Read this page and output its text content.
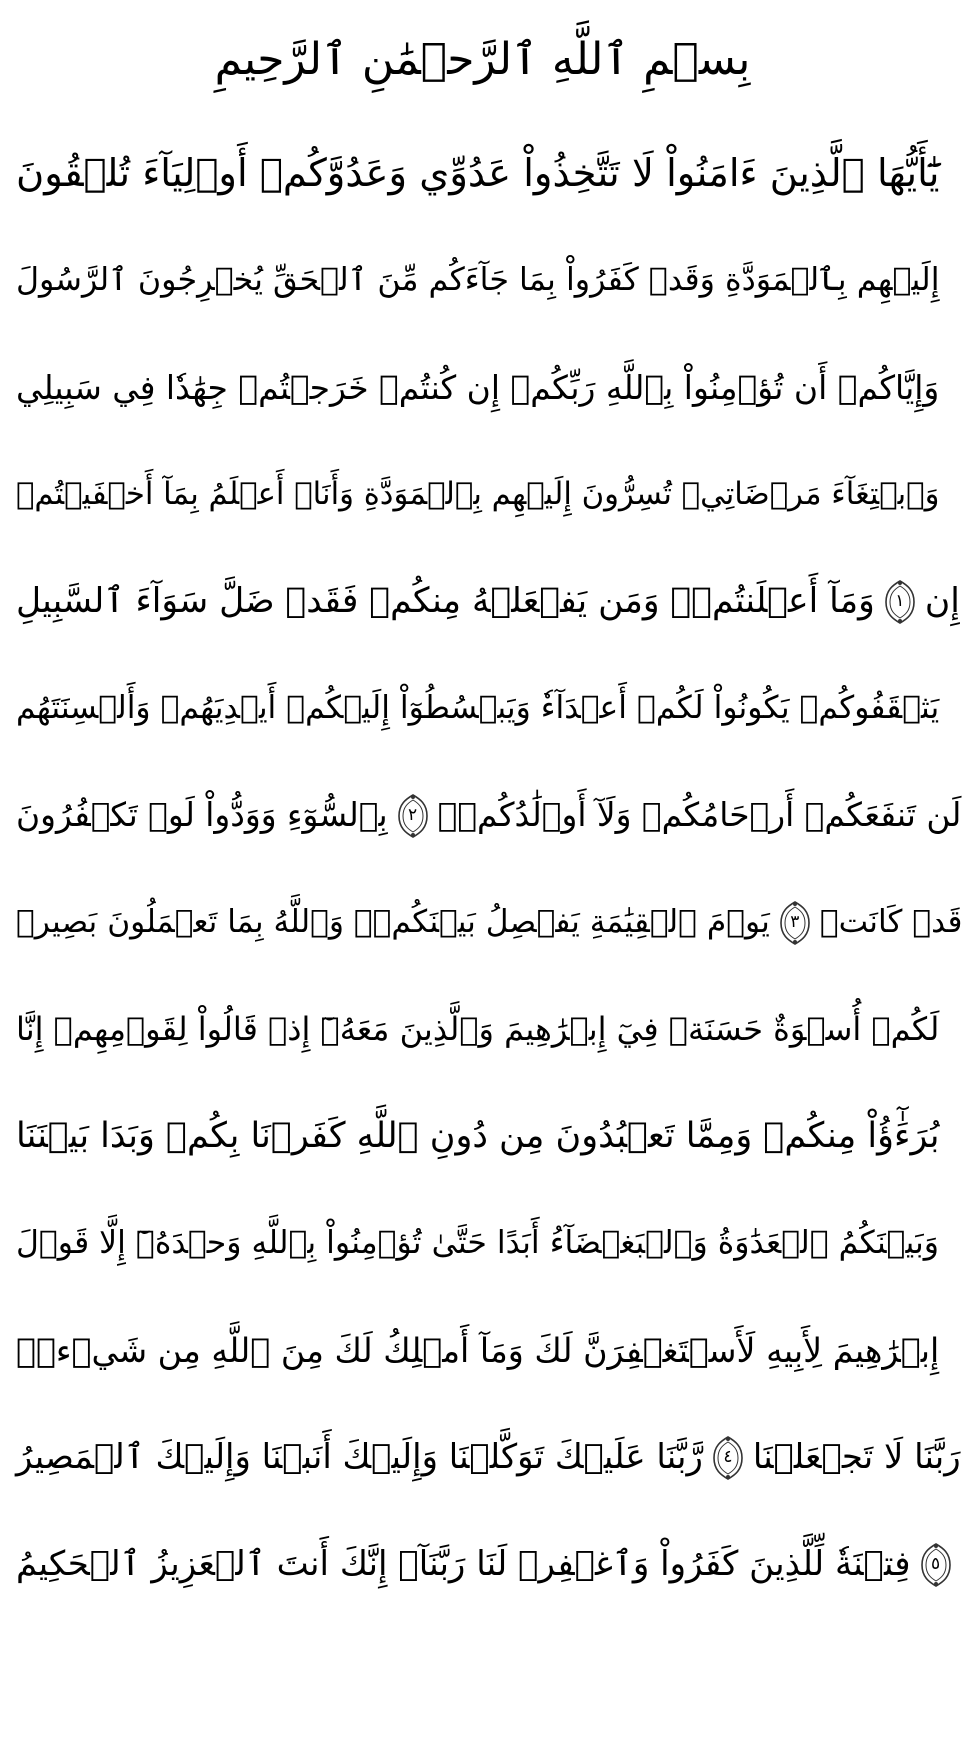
بِسۡمِ ٱللَّهِ ٱلرَّحۡمَٰنِ ٱلرَّحِيمِ
يَٰٓأَيُّهَا ٱلَّذِينَ ءَامَنُواْ لَا تَتَّخِذُواْ عَدُوِّي وَعَدُوَّكُمۡ أَوۡلِيَآءَ تُلۡقُونَ
إِلَيۡهِم بِٱلۡمَوَدَّةِ وَقَدۡ كَفَرُواْ بِمَا جَآءَكُم مِّنَ ٱلۡحَقِّ يُخۡرِجُونَ ٱلرَّسُولَ
وَإِيَّاكُمۡ أَن تُؤۡمِنُواْ بِٱللَّهِ رَبِّكُمۡ إِن كُنتُمۡ خَرَجۡتُمۡ جِهَٰدٗا فِي سَبِيلِي
وَٱبۡتِغَآءَ مَرۡضَاتِيۚ تُسِرُّونَ إِلَيۡهِم بِٱلۡمَوَدَّةِ وَأَنَا۠ أَعۡلَمُ بِمَآ أَخۡفَيۡتُمۡ
وَمَآ أَعۡلَنتُمۡۚ وَمَن يَفۡعَلۡهُ مِنكُمۡ فَقَدۡ ضَلَّ سَوَآءَ ٱلسَّبِيلِ ١ إِن
يَثۡقَفُوكُمۡ يَكُونُواْ لَكُمۡ أَعۡدَآءٗ وَيَبۡسُطُوٓاْ إِلَيۡكُمۡ أَيۡدِيَهُمۡ وَأَلۡسِنَتَهُم
بِٱلسُّوٓءِ وَوَدُّواْ لَوۡ تَكۡفُرُونَ ٢ لَن تَنفَعَكُمۡ أَرۡحَامُكُمۡ وَلَآ أَوۡلَٰدُكُمۡۚ
يَوۡمَ ٱلۡقِيَٰمَةِ يَفۡصِلُ بَيۡنَكُمۡۚ وَٱللَّهُ بِمَا تَعۡمَلُونَ بَصِيرٞ ٣ قَدۡ كَانَتۡ
لَكُمۡ أُسۡوَةٌ حَسَنَةٞ فِيٓ إِبۡرَٰهِيمَ وَٱلَّذِينَ مَعَهُۥٓ إِذۡ قَالُواْ لِقَوۡمِهِمۡ إِنَّا
بُرَءَٰٓؤُاْ مِنكُمۡ وَمِمَّا تَعۡبُدُونَ مِن دُونِ ٱللَّهِ كَفَرۡنَا بِكُمۡ وَبَدَا بَيۡنَنَا
وَبَيۡنَكُمُ ٱلۡعَدَٰوَةُ وَٱلۡبَغۡضَآءُ أَبَدًا حَتَّىٰ تُؤۡمِنُواْ بِٱللَّهِ وَحۡدَهُۥٓ إِلَّا قَوۡلَ
إِبۡرَٰهِيمَ لِأَبِيهِ لَأَسۡتَغۡفِرَنَّ لَكَ وَمَآ أَمۡلِكُ لَكَ مِنَ ٱللَّهِ مِن شَيۡءٖۖ
رَّبَّنَا عَلَيۡكَ تَوَكَّلۡنَا وَإِلَيۡكَ أَنَبۡنَا وَإِلَيۡكَ ٱلۡمَصِيرُ ٤ رَبَّنَا لَا تَجۡعَلۡنَا
فِتۡنَةٗ لِّلَّذِينَ كَفَرُواْ وَٱغۡفِرۡ لَنَا رَبَّنَآۖ إِنَّكَ أَنتَ ٱلۡعَزِيزُ ٱلۡحَكِيمُ ٥
